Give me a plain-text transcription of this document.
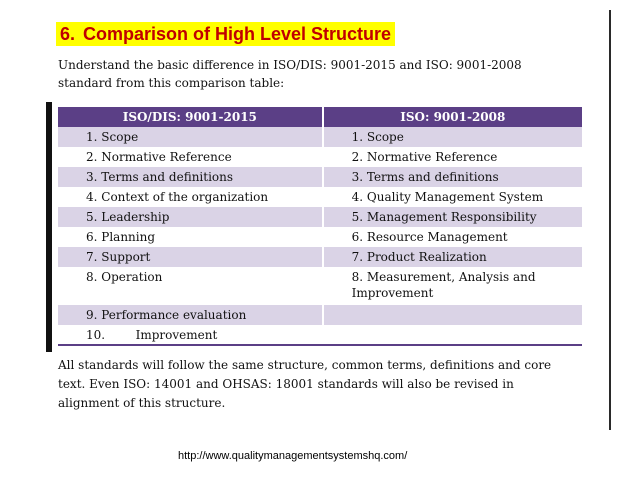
6. Comparison of High Level Structure
Understand the basic difference in ISO/DIS: 9001-2015 and ISO: 9001-2008 standard from this comparison table:
ISO/DIS: 9001-2015	ISO: 9001-2008
1. Scope	1. Scope
2. Normative Reference	2. Normative Reference
3. Terms and definitions	3. Terms and definitions
4. Context of the organization	4. Quality Management System
5. Leadership	5. Management Responsibility
6. Planning	6. Resource Management
7. Support	7. Product Realization
8. Operation	8. Measurement, Analysis and
Improvement

9. Performance evaluation	
10.        Improvement	
All standards will follow the same structure, common terms, definitions and core text. Even ISO: 14001 and OHSAS: 18001 standards will also be revised in alignment of this structure.
http://www.qualitymanagementsystemshq.com/
